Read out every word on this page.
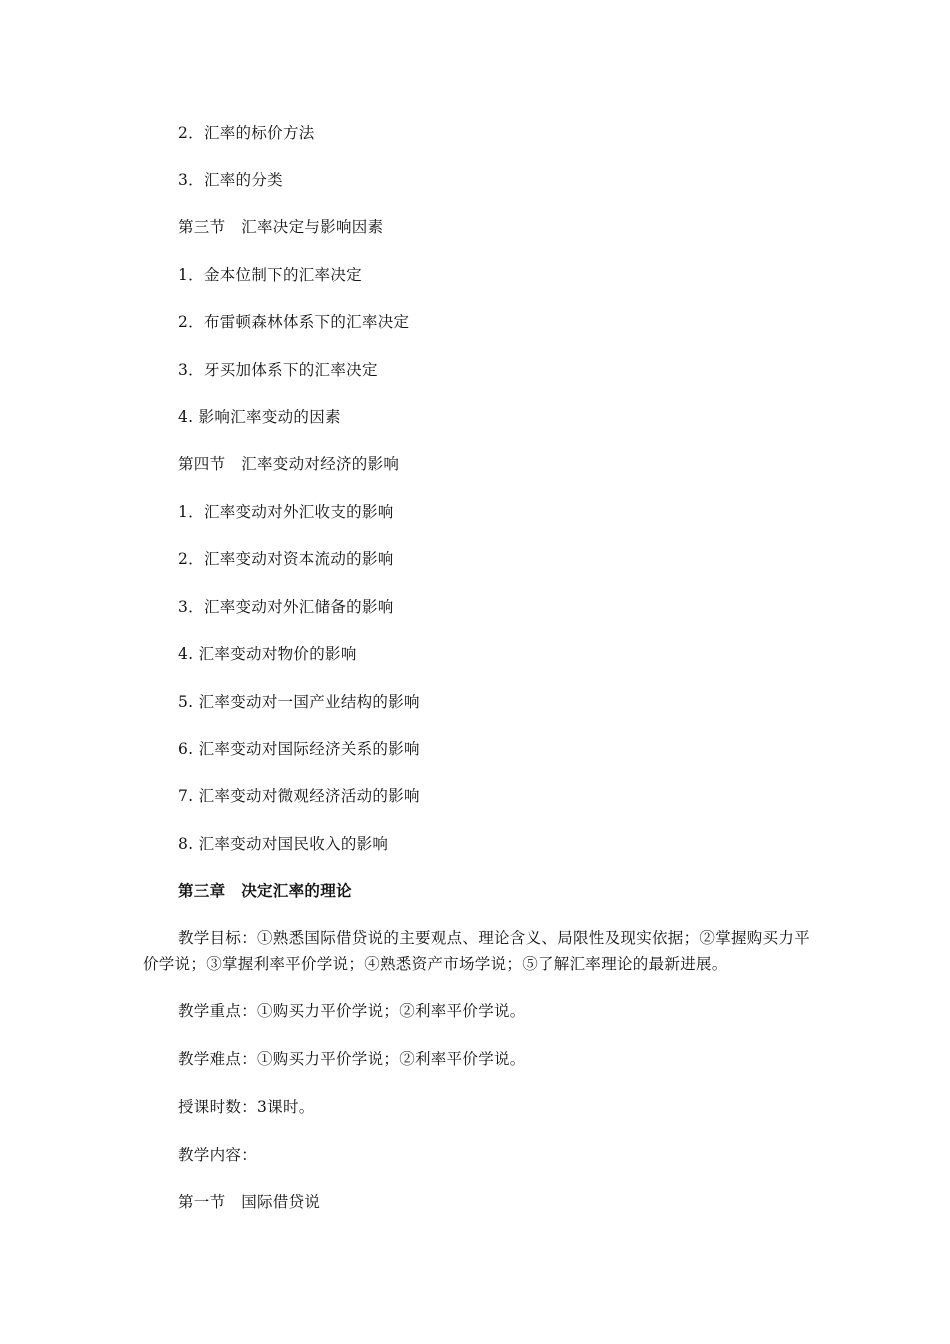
2．汇率的标价方法
3．汇率的分类
第三节　汇率决定与影响因素
1．金本位制下的汇率决定
2．布雷顿森林体系下的汇率决定
3．牙买加体系下的汇率决定
4. 影响汇率变动的因素
第四节　汇率变动对经济的影响
1．汇率变动对外汇收支的影响
2．汇率变动对资本流动的影响
3．汇率变动对外汇储备的影响
4. 汇率变动对物价的影响
5. 汇率变动对一国产业结构的影响
6. 汇率变动对国际经济关系的影响
7. 汇率变动对微观经济活动的影响
8. 汇率变动对国民收入的影响
第三章　决定汇率的理论
教学目标：①熟悉国际借贷说的主要观点、理论含义、局限性及现实依据；②掌握购买力平价学说；③掌握利率平价学说；④熟悉资产市场学说；⑤了解汇率理论的最新进展。
教学重点：①购买力平价学说；②利率平价学说。
教学难点：①购买力平价学说；②利率平价学说。
授课时数：3课时。
教学内容：
第一节　国际借贷说
